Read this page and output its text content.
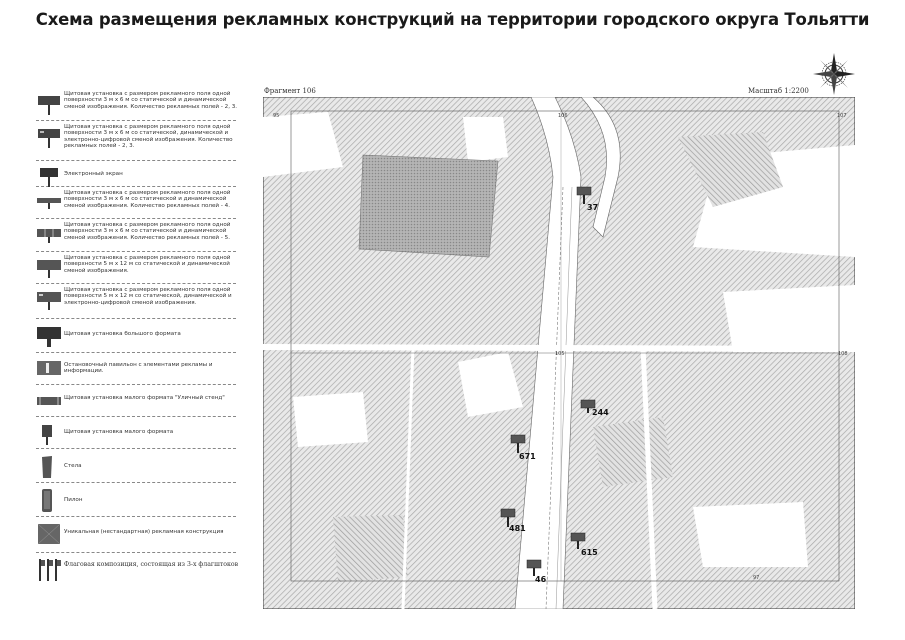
Схема размещения рекламных конструкций на территории городского округа Тольятти
Щитовая установка с размером рекламного поля одной поверхности 3 м х 6 м со статической и динамической сменой изображения. Количество рекламных полей - 2, 3.
Щитовая установка с размером рекламного поля одной поверхности 3 м х 6 м со статической, динамической и электронно-цифровой сменой изображения. Количество рекламных полей - 2, 3.
Электронный экран
Щитовая установка с размером рекламного поля одной поверхности 3 м х 6 м со статической и динамической сменой изображения. Количество рекламных полей - 4.
Щитовая установка с размером рекламного поля одной поверхности 3 м х 6 м со статической и динамической сменой изображения. Количество рекламных полей - 5.
Щитовая установка с размером рекламного поля одной поверхности 5 м х 12 м со статической и динамической сменой изображения.
Щитовая установка с размером рекламного поля одной поверхности 5 м х 12 м со статической, динамической и электронно-цифровой сменой изображения.
Щитовая установка большого формата
Остановочный павильон с элементами рекламы и информации.
Щитовая установка малого формата "Уличный стенд"
Щитовая установка малого формата
Стела
Пилон
Уникальная (нестандартная) рекламная конструкция
Флаговая композиция, состоящая из 3-х флагштоков
Фрагмент 106	Масштаб 1:2200
95	106	107
108
105
97
37
244
671
481
615
46
